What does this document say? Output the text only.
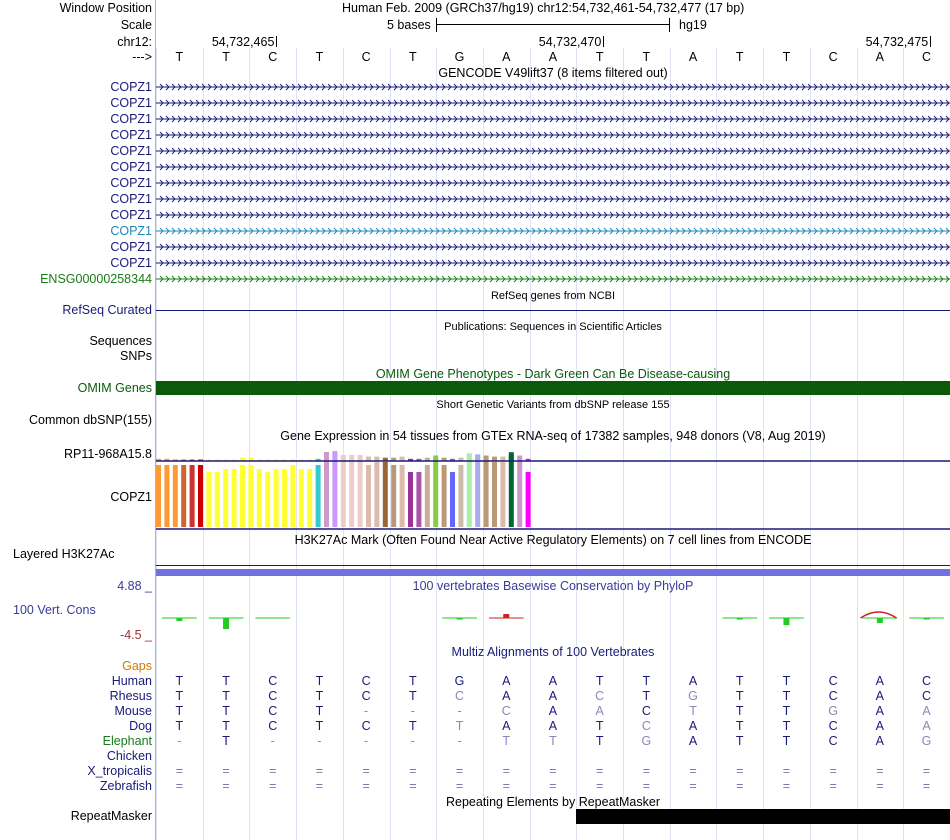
Window Position	Human Feb. 2009 (GRCh37/hg19) chr12:54,732,461-54,732,477 (17 bp)
Scale	5 bases	hg19
chr12:
--->
GENCODE V49lift37 (8 items filtered out)
RefSeq genes from NCBI
RefSeq Curated
Publications: Sequences in Scientific Articles
Sequences
SNPs
OMIM Gene Phenotypes - Dark Green Can Be Disease-causing
OMIM Genes
Short Genetic Variants from dbSNP release 155
Common dbSNP(155)
Gene Expression in 54 tissues from GTEx RNA-seq of 17382 samples, 948 donors (V8, Aug 2019)
RP11-968A15.8
COPZ1
H3K27Ac Mark (Often Found Near Active Regulatory Elements) on 7 cell lines from ENCODE
Layered H3K27Ac
100 vertebrates Basewise Conservation by PhyloP
4.88 _
100 Vert. Cons
-4.5 _
Multiz Alignments of 100 Vertebrates
Gaps
Repeating Elements by RepeatMasker
RepeatMasker
54,732,465	54,732,470	54,732,475
T	T	C	T	C	T	G	A	A	T	T	A	T	T	C	A	C
COPZ1
COPZ1
COPZ1
COPZ1
COPZ1
COPZ1
COPZ1
COPZ1
COPZ1
COPZ1
COPZ1
COPZ1
ENSG00000258344
Human T	T	C	T	C	T	G	A	A	T	T	A	T	T	C	A	C
Rhesus T	T	C	T	C	T	C	A	A	C	T	G	T	T	C	A	C
Mouse T	T	C	T	-	-	-	C	A	A	C	T	T	T	G	A	A
Dog T	T	C	T	C	T	T	A	A	T	C	A	T	T	C	A	A
Elephant -	T	-	-	-	-	-	T	T	T	G	A	T	T	C	A	G
Chicken
X_tropicalis =	=	=	=	=	=	=	=	=	=	=	=	=	=	=	=	=
Zebrafish =	=	=	=	=	=	=	=	=	=	=	=	=	=	=	=	=
